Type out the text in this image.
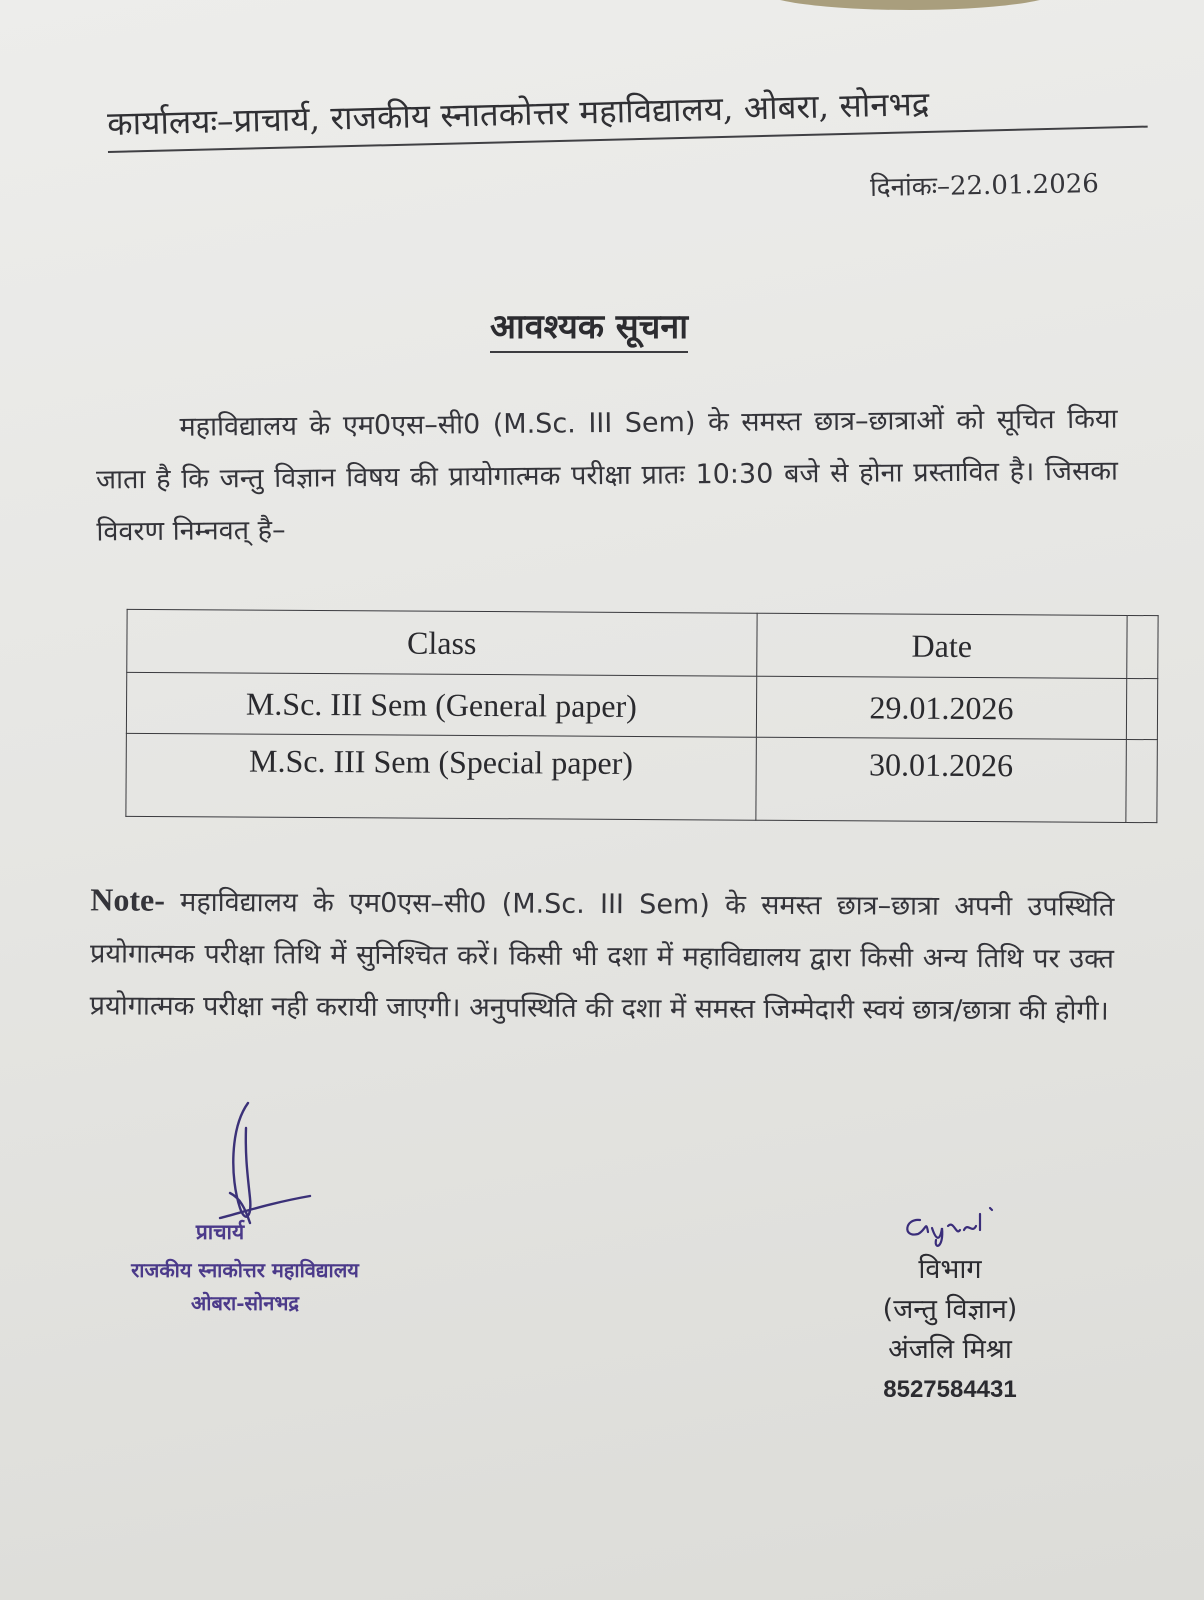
कार्यालयः–प्राचार्य, राजकीय स्नातकोत्तर महाविद्यालय, ओबरा, सोनभद्र
दिनांकः–22.01.2026
आवश्यक सूचना

महाविद्यालय के एम0एस–सी0 (M.Sc. III Sem) के समस्त छात्र–छात्राओं को सूचित किया जाता है कि जन्तु विज्ञान विषय की प्रायोगात्मक परीक्षा प्रातः 10:30 बजे से होना प्रस्तावित है। जिसका विवरण निम्नवत् है–

Class	Date	
M.Sc. III Sem (General paper)	29.01.2026	
M.Sc. III Sem (Special paper)	30.01.2026	
Note- महाविद्यालय के एम0एस–सी0 (M.Sc. III Sem) के समस्त छात्र–छात्रा अपनी उपस्थिति प्रयोगात्मक परीक्षा तिथि में सुनिश्चित करें। किसी भी दशा में महाविद्यालय द्वारा किसी अन्य तिथि पर उक्त प्रयोगात्मक परीक्षा नही करायी जाएगी। अनुपस्थिति की दशा में समस्त जिम्मेदारी स्वयं छात्र/छात्रा की होगी।
प्राचार्य
राजकीय स्नाकोत्तर महाविद्यालय
ओबरा-सोनभद्र
विभाग
(जन्तु विज्ञान)
अंजलि मिश्रा
8527584431
